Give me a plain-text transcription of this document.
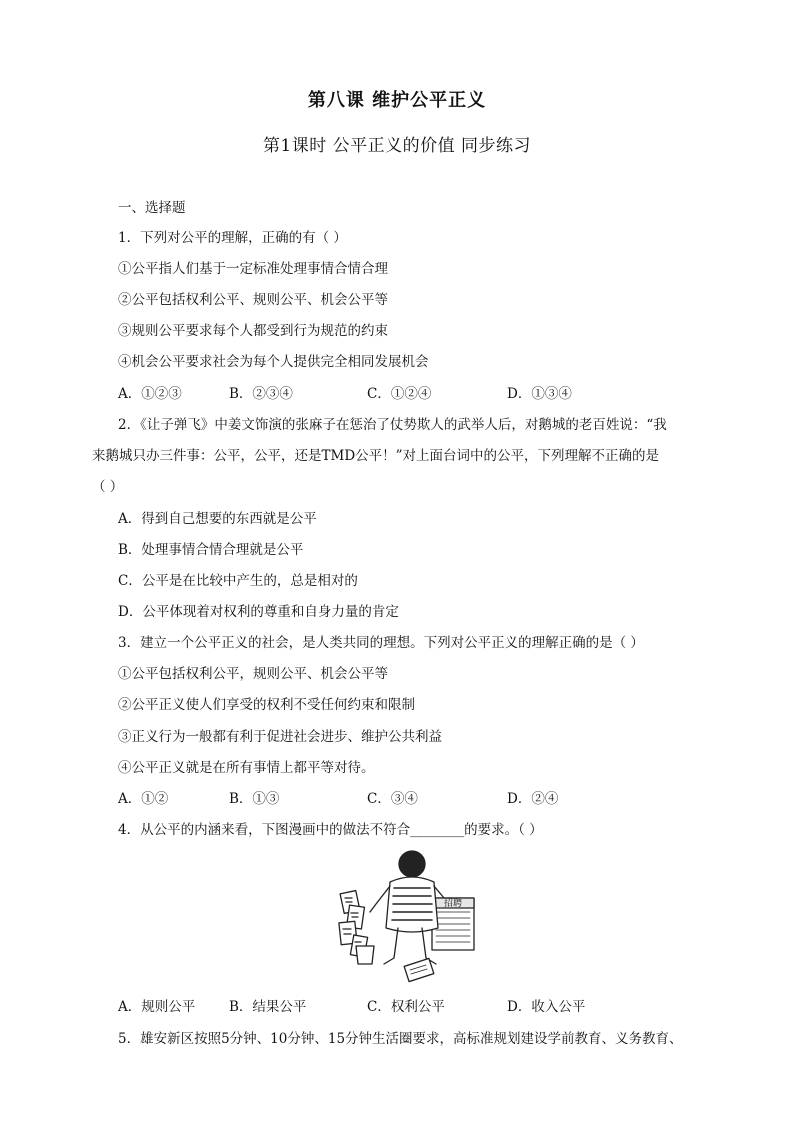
第八课 维护公平正义
第1课时 公平正义的价值 同步练习
一、选择题
1．下列对公平的理解，正确的有（ ）
①公平指人们基于一定标准处理事情合情合理
②公平包括权利公平、规则公平、机会公平等
③规则公平要求每个人都受到行为规范的约束
④机会公平要求社会为每个人提供完全相同发展机会
A．①②③	B．②③④	C．①②④	D．①③④
2．《让子弹飞》中姜文饰演的张麻子在惩治了仗势欺人的武举人后，对鹅城的老百姓说：“我
来鹅城只办三件事：公平，公平，还是TMD公平！”对上面台词中的公平，下列理解不正确的是
（ ）
A．得到自己想要的东西就是公平
B．处理事情合情合理就是公平
C．公平是在比较中产生的，总是相对的
D．公平体现着对权利的尊重和自身力量的肯定
3．建立一个公平正义的社会，是人类共同的理想。下列对公平正义的理解正确的是（ ）
①公平包括权利公平，规则公平、机会公平等
②公平正义使人们享受的权利不受任何约束和限制
③正义行为一般都有利于促进社会进步、维护公共利益
④公平正义就是在所有事情上都平等对待。
A．①②	B．①③	C．③④	D．②④
4．从公平的内涵来看，下图漫画中的做法不符合________的要求。（ ）
招聘
A．规则公平	B．结果公平	C．权利公平	D．收入公平
5．雄安新区按照5分钟、10分钟、15分钟生活圈要求，高标准规划建设学前教育、义务教育、
